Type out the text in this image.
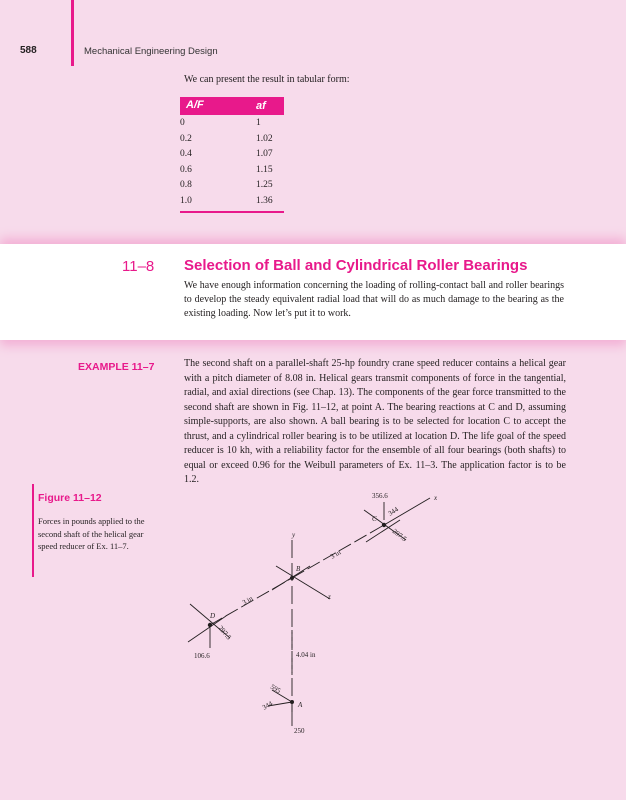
588	Mechanical Engineering Design
We can present the result in tabular form:
A/F	af
0	1
0.2	1.02
0.4	1.07
0.6	1.15
0.8	1.25
1.0	1.36
11–8 Selection of Ball and Cylindrical Roller Bearings
We have enough information concerning the loading of rolling-contact ball and roller bearings to develop the steady equivalent radial load that will do as much damage to the bearing as the existing loading. Now let’s put it to work.
EXAMPLE 11–7	The second shaft on a parallel-shaft 25-hp foundry crane speed reducer contains a helical gear with a pitch diameter of 8.08 in. Helical gears transmit components of force in the tangential, radial, and axial directions (see Chap. 13). The components of the gear force transmitted to the second shaft are shown in Fig. 11–12, at point A. The bearing reactions at C and D, assuming simple-supports, are also shown. A ball bearing is to be selected for location C to accept the thrust, and a cylindrical roller bearing is to be utilized at location D. The life goal of the speed reducer is 10 kh, with a reliability factor for the ensemble of all four bearings (both shafts) to equal or exceed 0.96 for the Weibull parameters of Ex. 11–3. The application factor is to be 1.2.
Figure 11–12
Forces in pounds applied to the second shaft of the helical gear speed reducer of Ex. 11–7.
356.6	x
C
344
297.5
y
3 in
B
z
3 in
D
297.5
106.6	4.04 in
595
344	A
250
